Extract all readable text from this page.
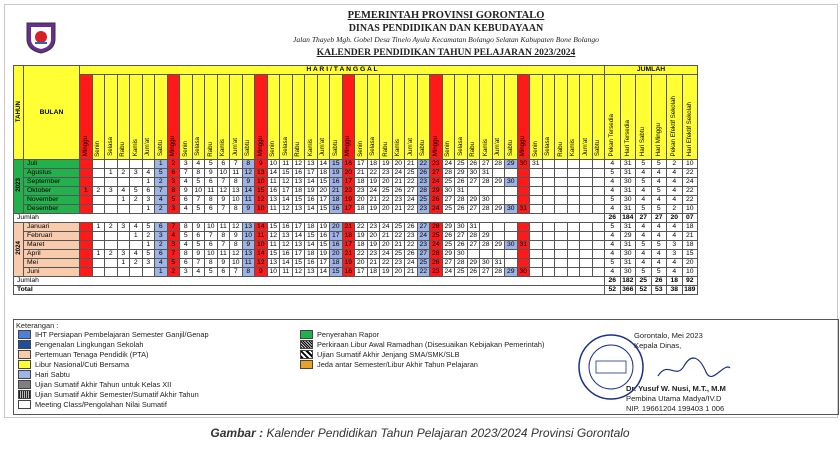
PEMERINTAH PROVINSI GORONTALO
DINAS PENDIDIKAN DAN KEBUDAYAAN
Jalan Thayeb Mgh. Gobel Desa Tinelo Ayula Kecamatan Bolango Selatan Kabupaten Bone Bolango
KALENDER PENDIDIKAN TAHUN PELAJARAN 2023/2024
TAHUN	BULAN	H A R I / T A N G G A L																																										JUMLAH					
		Minggu	Senin	Selasa	Rabu	Kamis	Jum'at	Sabtu	Minggu	Senin	Selasa	Rabu	Kamis	Jum'at	Sabtu	Minggu	Senin	Selasa	Rabu	Kamis	Jum'at	Sabtu	Minggu	Senin	Selasa	Rabu	Kamis	Jum'at	Sabtu	Minggu	Senin	Selasa	Rabu	Kamis	Jum'at	Sabtu	Minggu	Senin	Selasa	Rabu	Kamis	Jum'at	Sabtu	Pekan Tersedia	Hari Tersedia	Hari Sabtu	Hari Minggu	Pekan Efektif Sekolah	Hari Efektif Sekolah
2023	Juli							1	2	3	4	5	6	7	8	9	10	11	12	13	14	15	16	17	18	19	20	21	22	23	24	25	26	27	28	29	30	31						4	31	5	5	2	10
	Agustus			1	2	3	4	5	6	7	8	9	10	11	12	13	14	15	16	17	18	19	20	21	22	23	24	25	26	27	28	29	30	31										5	31	4	4	4	22
	September						1	2	3	4	5	6	7	8	9	10	11	12	13	14	15	16	17	18	19	20	21	22	23	24	25	26	27	28	29	30								4	30	5	4	4	24
	Oktober	1	2	3	4	5	6	7	8	9	10	11	12	13	14	15	16	17	18	19	20	21	22	23	24	25	26	27	28	29	30	31												4	31	4	5	4	22
	November				1	2	3	4	5	6	7	8	9	10	11	12	13	14	15	16	17	18	19	20	21	22	23	24	25	26	27	28	29	30										5	30	4	4	4	22
	Desember						1	2	3	4	5	6	7	8	9	10	11	12	13	14	15	16	17	18	19	20	21	22	23	24	25	26	27	28	29	30	31							4	31	5	5	2	10
Jumlah																																												26	184	27	27	20	07
2024	Januari		1	2	3	4	5	6	7	8	9	10	11	12	13	14	15	16	17	18	19	20	21	22	23	24	25	26	27	28	29	30	31											5	31	4	4	4	18
	Februari					1	2	3	4	5	6	7	8	9	10	11	12	13	14	15	16	17	18	19	20	21	22	23	24	25	26	27	28	29										4	29	4	4	4	21
	Maret						1	2	3	4	5	6	7	8	9	10	11	12	13	14	15	16	17	18	19	20	21	22	23	24	25	26	27	28	29	30	31							4	31	5	5	3	18
	April		1	2	3	4	5	6	7	8	9	10	11	12	13	14	15	16	17	18	19	20	21	22	23	24	25	26	27	28	29	30												4	30	4	4	3	15
	Mei				1	2	3	4	5	6	7	8	9	10	11	12	13	14	15	16	17	18	19	20	21	22	23	24	25	26	27	28	29	30	31									5	31	4	4	4	20
	Juni							1	2	3	4	5	6	7	8	9	10	11	12	13	14	15	16	17	18	19	20	21	22	23	24	25	26	27	28	29	30							4	30	5	5	4	10
Jumlah																																												26	182	25	26	18	92
Total																																												52	366	52	53	38	189
Keterangan :
IHT Persiapan Pembelajaran Semester Ganjil/Genap
Pengenalan Lingkungan Sekolah
Pertemuan Tenaga Pendidik (PTA)
Libur Nasional/Cuti Bersama
Hari Sabtu
Ujian Sumatif Akhir Tahun untuk Kelas XII
Ujian Sumatif Akhir Semester/Sumatif Akhir Tahun
Meeting Class/Pengolahan Nilai Sumatif
Penyerahan Rapor
Perkiraan Libur Awal Ramadhan (Disesuaikan Kebijakan Pemerintah)
Ujian Sumatif Akhir Jenjang SMA/SMK/SLB
Jeda antar Semester/Libur Akhir Tahun Pelajaran
Gorontalo, Mei 2023
Kepala Dinas,
Dr. Yusuf W. Nusi, M.T., M.M
Pembina Utama Madya/IV.D
NIP. 19661204 199403 1 006
Gambar : Kalender Pendidikan Tahun Pelajaran 2023/2024 Provinsi Gorontalo
